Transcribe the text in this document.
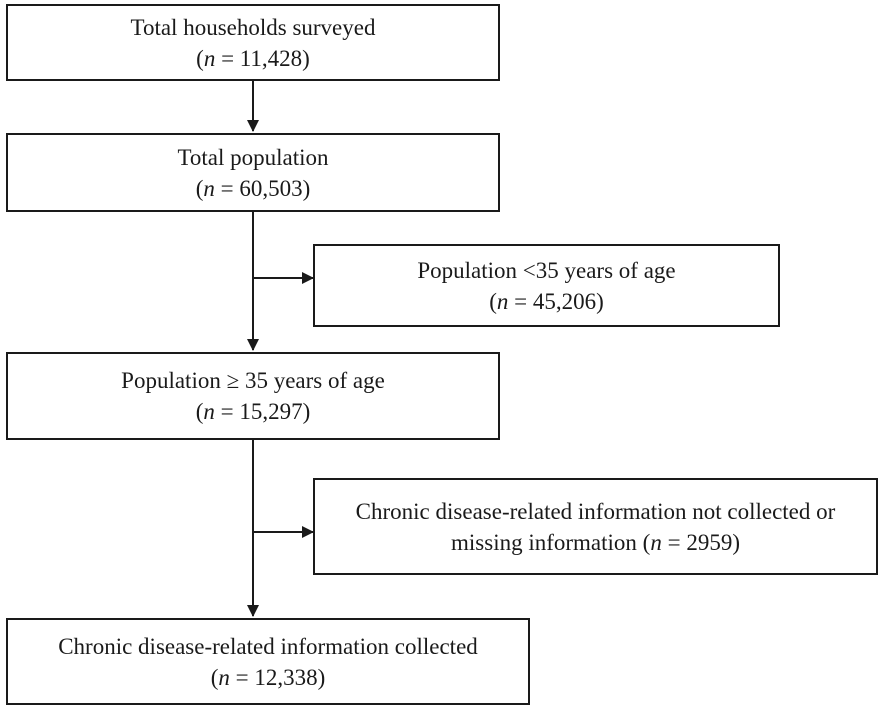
Total households surveyed
(n = 11,428)
Total population
(n = 60,503)
Population <35 years of age
(n = 45,206)
Population ≥ 35 years of age
(n = 15,297)
Chronic disease-related information not collected or
missing information (n = 2959)
Chronic disease-related information collected
(n = 12,338)
